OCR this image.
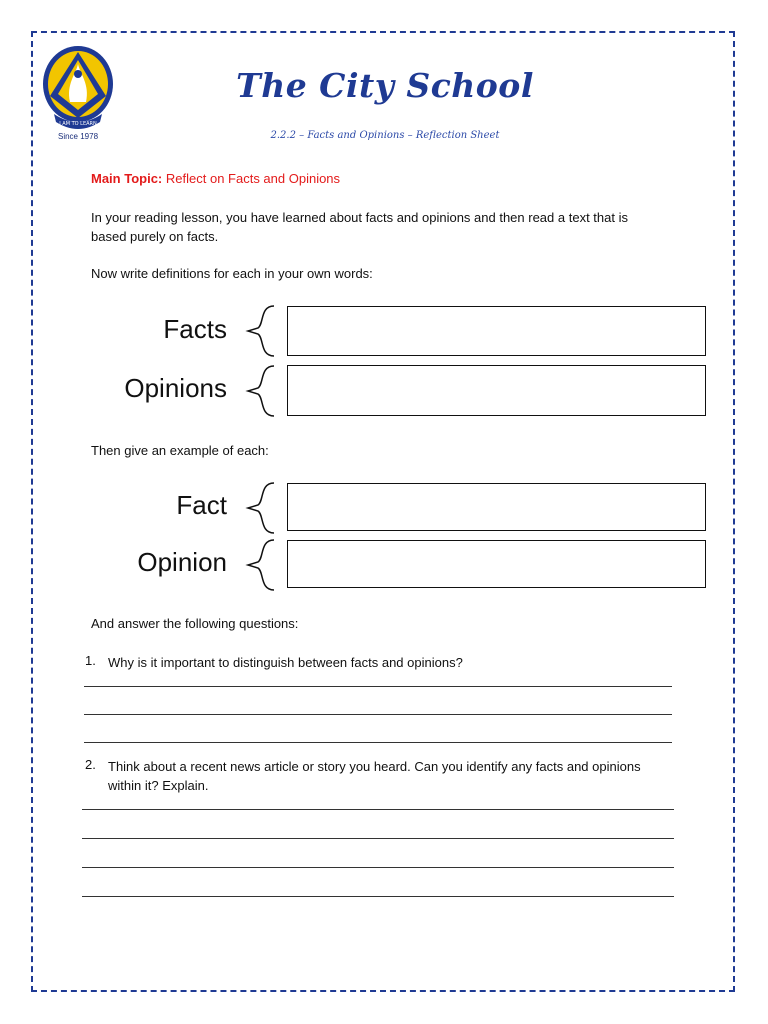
I AM TO LEARN
Since 1978
The City School
2.2.2 – Facts and Opinions – Reflection Sheet
Main Topic: Reflect on Facts and Opinions
In your reading lesson, you have learned about facts and opinions and then read a text that is
based purely on facts.
Now write definitions for each in your own words:
Facts
Opinions
Then give an example of each:
Fact
Opinion
And answer the following questions:
1. Why is it important to distinguish between facts and opinions?
2. Think about a recent news article or story you heard. Can you identify any facts and opinions
within it? Explain.
